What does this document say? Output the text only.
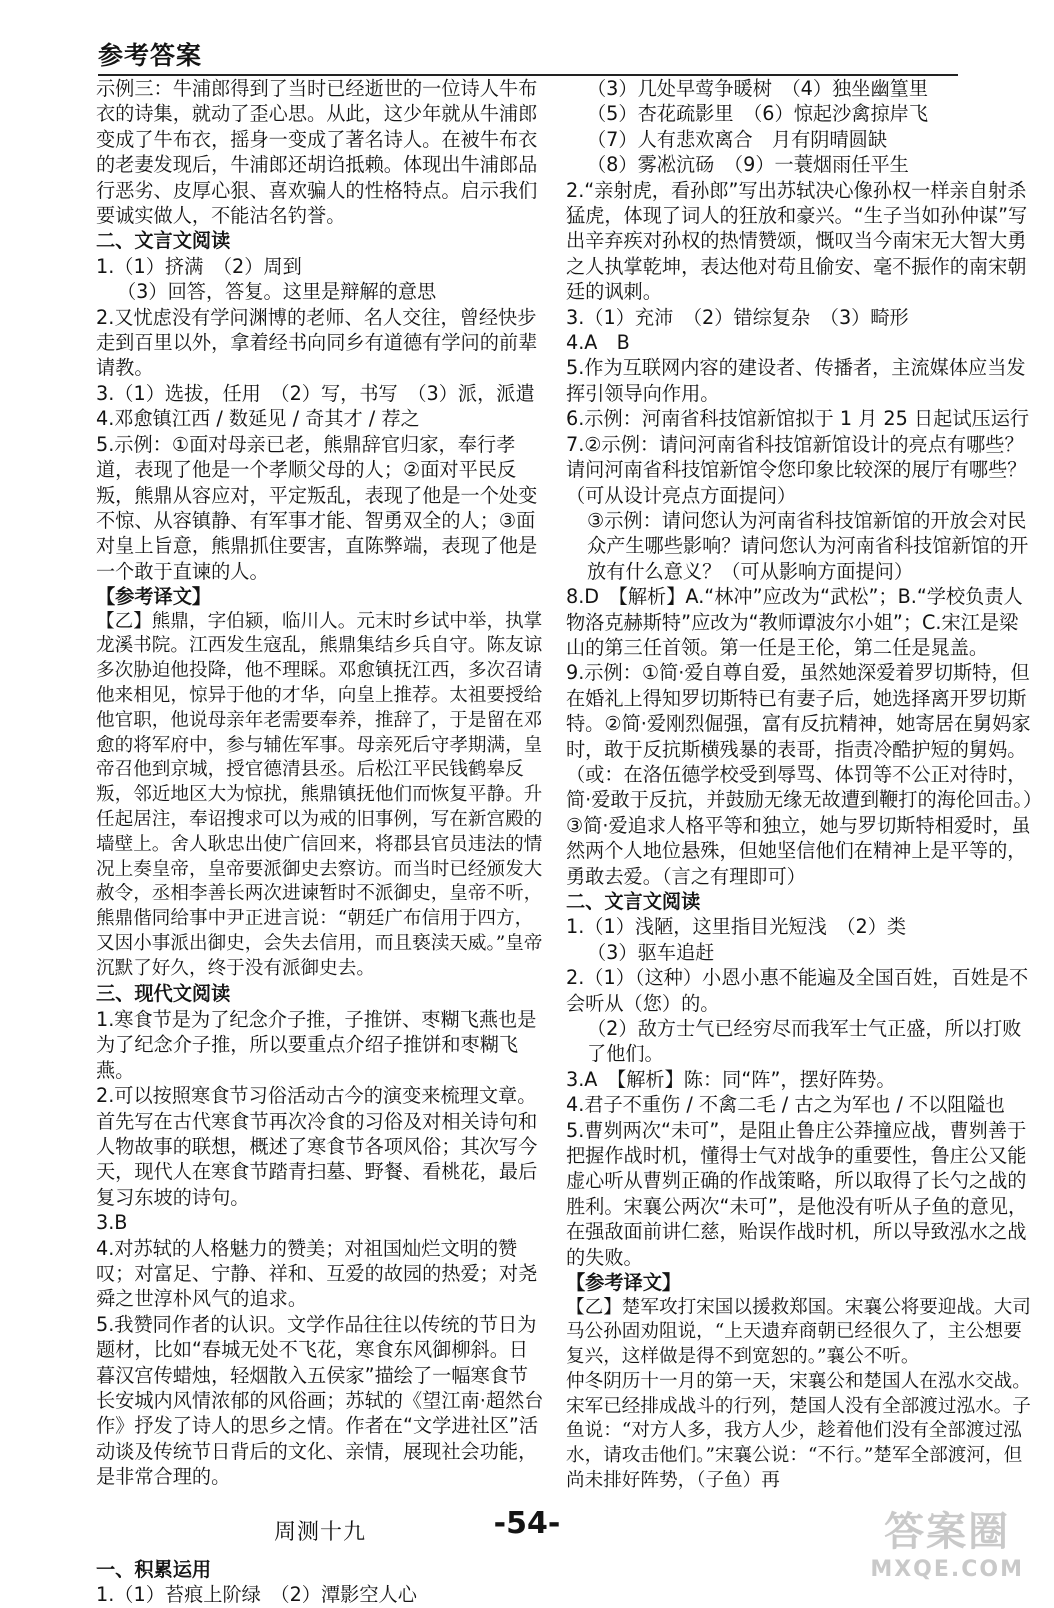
参考答案

示例三：牛浦郎得到了当时已经逝世的一位诗人牛布衣的诗集，就动了歪心思。从此，这少年就从牛浦郎变成了牛布衣，摇身一变成了著名诗人。在被牛布衣的老妻发现后，牛浦郎还胡诌抵赖。体现出牛浦郎品行恶劣、皮厚心狠、喜欢骗人的性格特点。启示我们要诚实做人，不能沽名钓誉。

二、文言文阅读

1.（1）挤满　（2）周到

（3）回答，答复。这里是辩解的意思

2.又忧虑没有学问渊博的老师、名人交往，曾经快步走到百里以外，拿着经书向同乡有道德有学问的前辈请教。

3.（1）选拔，任用　（2）写，书写　（3）派，派遣

4.邓愈镇江西 / 数延见 / 奇其才 / 荐之

5.示例：①面对母亲已老，熊鼎辞官归家，奉行孝道，表现了他是一个孝顺父母的人；②面对平民反叛，熊鼎从容应对，平定叛乱，表现了他是一个处变不惊、从容镇静、有军事才能、智勇双全的人；③面对皇上旨意，熊鼎抓住要害，直陈弊端，表现了他是一个敢于直谏的人。

【参考译文】

【乙】熊鼎，字伯颍，临川人。元末时乡试中举，执掌龙溪书院。江西发生寇乱，熊鼎集结乡兵自守。陈友谅多次胁迫他投降，他不理睬。邓愈镇抚江西，多次召请他来相见，惊异于他的才华，向皇上推荐。太祖要授给他官职，他说母亲年老需要奉养，推辞了，于是留在邓愈的将军府中，参与辅佐军事。母亲死后守孝期满，皇帝召他到京城，授官德清县丞。后松江平民钱鹤皋反叛，邻近地区大为惊扰，熊鼎镇抚他们而恢复平静。升任起居注，奉诏搜求可以为戒的旧事例，写在新宫殿的墙壁上。舍人耿忠出使广信回来，将郡县官员违法的情况上奏皇帝，皇帝要派御史去察访。而当时已经颁发大赦令，丞相李善长两次进谏暂时不派御史，皇帝不听，熊鼎偕同给事中尹正进言说：“朝廷广布信用于四方，又因小事派出御史，会失去信用，而且亵渎天威。”皇帝沉默了好久，终于没有派御史去。

三、现代文阅读

1.寒食节是为了纪念介子推，子推饼、枣糊飞燕也是为了纪念介子推，所以要重点介绍子推饼和枣糊飞燕。

2.可以按照寒食节习俗活动古今的演变来梳理文章。首先写在古代寒食节再次冷食的习俗及对相关诗句和人物故事的联想，概述了寒食节各项风俗；其次写今天，现代人在寒食节踏青扫墓、野餐、看桃花，最后复习东坡的诗句。

3.B

4.对苏轼的人格魅力的赞美；对祖国灿烂文明的赞叹；对富足、宁静、祥和、互爱的故园的热爱；对尧舜之世淳朴风气的追求。

5.我赞同作者的认识。文学作品往往以传统的节日为题材，比如“春城无处不飞花，寒食东风御柳斜。日暮汉宫传蜡烛，轻烟散入五侯家”描绘了一幅寒食节长安城内风情浓郁的风俗画；苏轼的《望江南·超然台作》抒发了诗人的思乡之情。作者在“文学进社区”活动谈及传统节日背后的文化、亲情，展现社会功能，是非常合理的。

周测十九

一、积累运用

1.（1）苔痕上阶绿　（2）潭影空人心

（3）几处早莺争暖树　（4）独坐幽篁里

（5）杏花疏影里　（6）惊起沙禽掠岸飞

（7）人有悲欢离合　月有阴晴圆缺

（8）雾凇沆砀　（9）一蓑烟雨任平生

2.“亲射虎，看孙郎”写出苏轼决心像孙权一样亲自射杀猛虎，体现了词人的狂放和豪兴。“生子当如孙仲谋”写出辛弃疾对孙权的热情赞颂，慨叹当今南宋无大智大勇之人执掌乾坤，表达他对苟且偷安、毫不振作的南宋朝廷的讽刺。

3.（1）充沛　（2）错综复杂　（3）畸形

4.A　B

5.作为互联网内容的建设者、传播者，主流媒体应当发挥引领导向作用。

6.示例：河南省科技馆新馆拟于 1 月 25 日起试压运行

7.②示例：请问河南省科技馆新馆设计的亮点有哪些？请问河南省科技馆新馆令您印象比较深的展厅有哪些？（可从设计亮点方面提问）

③示例：请问您认为河南省科技馆新馆的开放会对民众产生哪些影响？请问您认为河南省科技馆新馆的开放有什么意义？（可从影响方面提问）

8.D　【解析】A.“林冲”应改为“武松”；B.“学校负责人物洛克赫斯特”应改为“教师谭波尔小姐”；C.宋江是梁山的第三任首领。第一任是王伦，第二任是晁盖。

9.示例：①简·爱自尊自爱，虽然她深爱着罗切斯特，但在婚礼上得知罗切斯特已有妻子后，她选择离开罗切斯特。②简·爱刚烈倔强，富有反抗精神，她寄居在舅妈家时，敢于反抗斯横残暴的表哥，指责冷酷护短的舅妈。（或：在洛伍德学校受到辱骂、体罚等不公正对待时，简·爱敢于反抗，并鼓励无缘无故遭到鞭打的海伦回击。）③简·爱追求人格平等和独立，她与罗切斯特相爱时，虽然两个人地位悬殊，但她坚信他们在精神上是平等的，勇敢去爱。（言之有理即可）

二、文言文阅读

1.（1）浅陋，这里指目光短浅　（2）类

（3）驱车追赶

2.（1）（这种）小恩小惠不能遍及全国百姓，百姓是不会听从（您）的。

（2）敌方士气已经穷尽而我军士气正盛，所以打败了他们。

3.A　【解析】陈：同“阵”，摆好阵势。

4.君子不重伤 / 不禽二毛 / 古之为军也 / 不以阻隘也

5.曹刿两次“未可”，是阻止鲁庄公莽撞应战，曹刿善于把握作战时机，懂得士气对战争的重要性，鲁庄公又能虚心听从曹刿正确的作战策略，所以取得了长勺之战的胜利。宋襄公两次“未可”，是他没有听从子鱼的意见，在强敌面前讲仁慈，贻误作战时机，所以导致泓水之战的失败。

【参考译文】

【乙】楚军攻打宋国以援救郑国。宋襄公将要迎战。大司马公孙固劝阻说，“上天遗弃商朝已经很久了，主公想要复兴，这样做是得不到宽恕的。”襄公不听。

仲冬阴历十一月的第一天，宋襄公和楚国人在泓水交战。宋军已经排成战斗的行列，楚国人没有全部渡过泓水。子鱼说：“对方人多，我方人少，趁着他们没有全部渡过泓水，请攻击他们。”宋襄公说：“不行。”楚军全部渡河，但尚未排好阵势，（子鱼）再

-54-	答案圈
MXQE.COM
